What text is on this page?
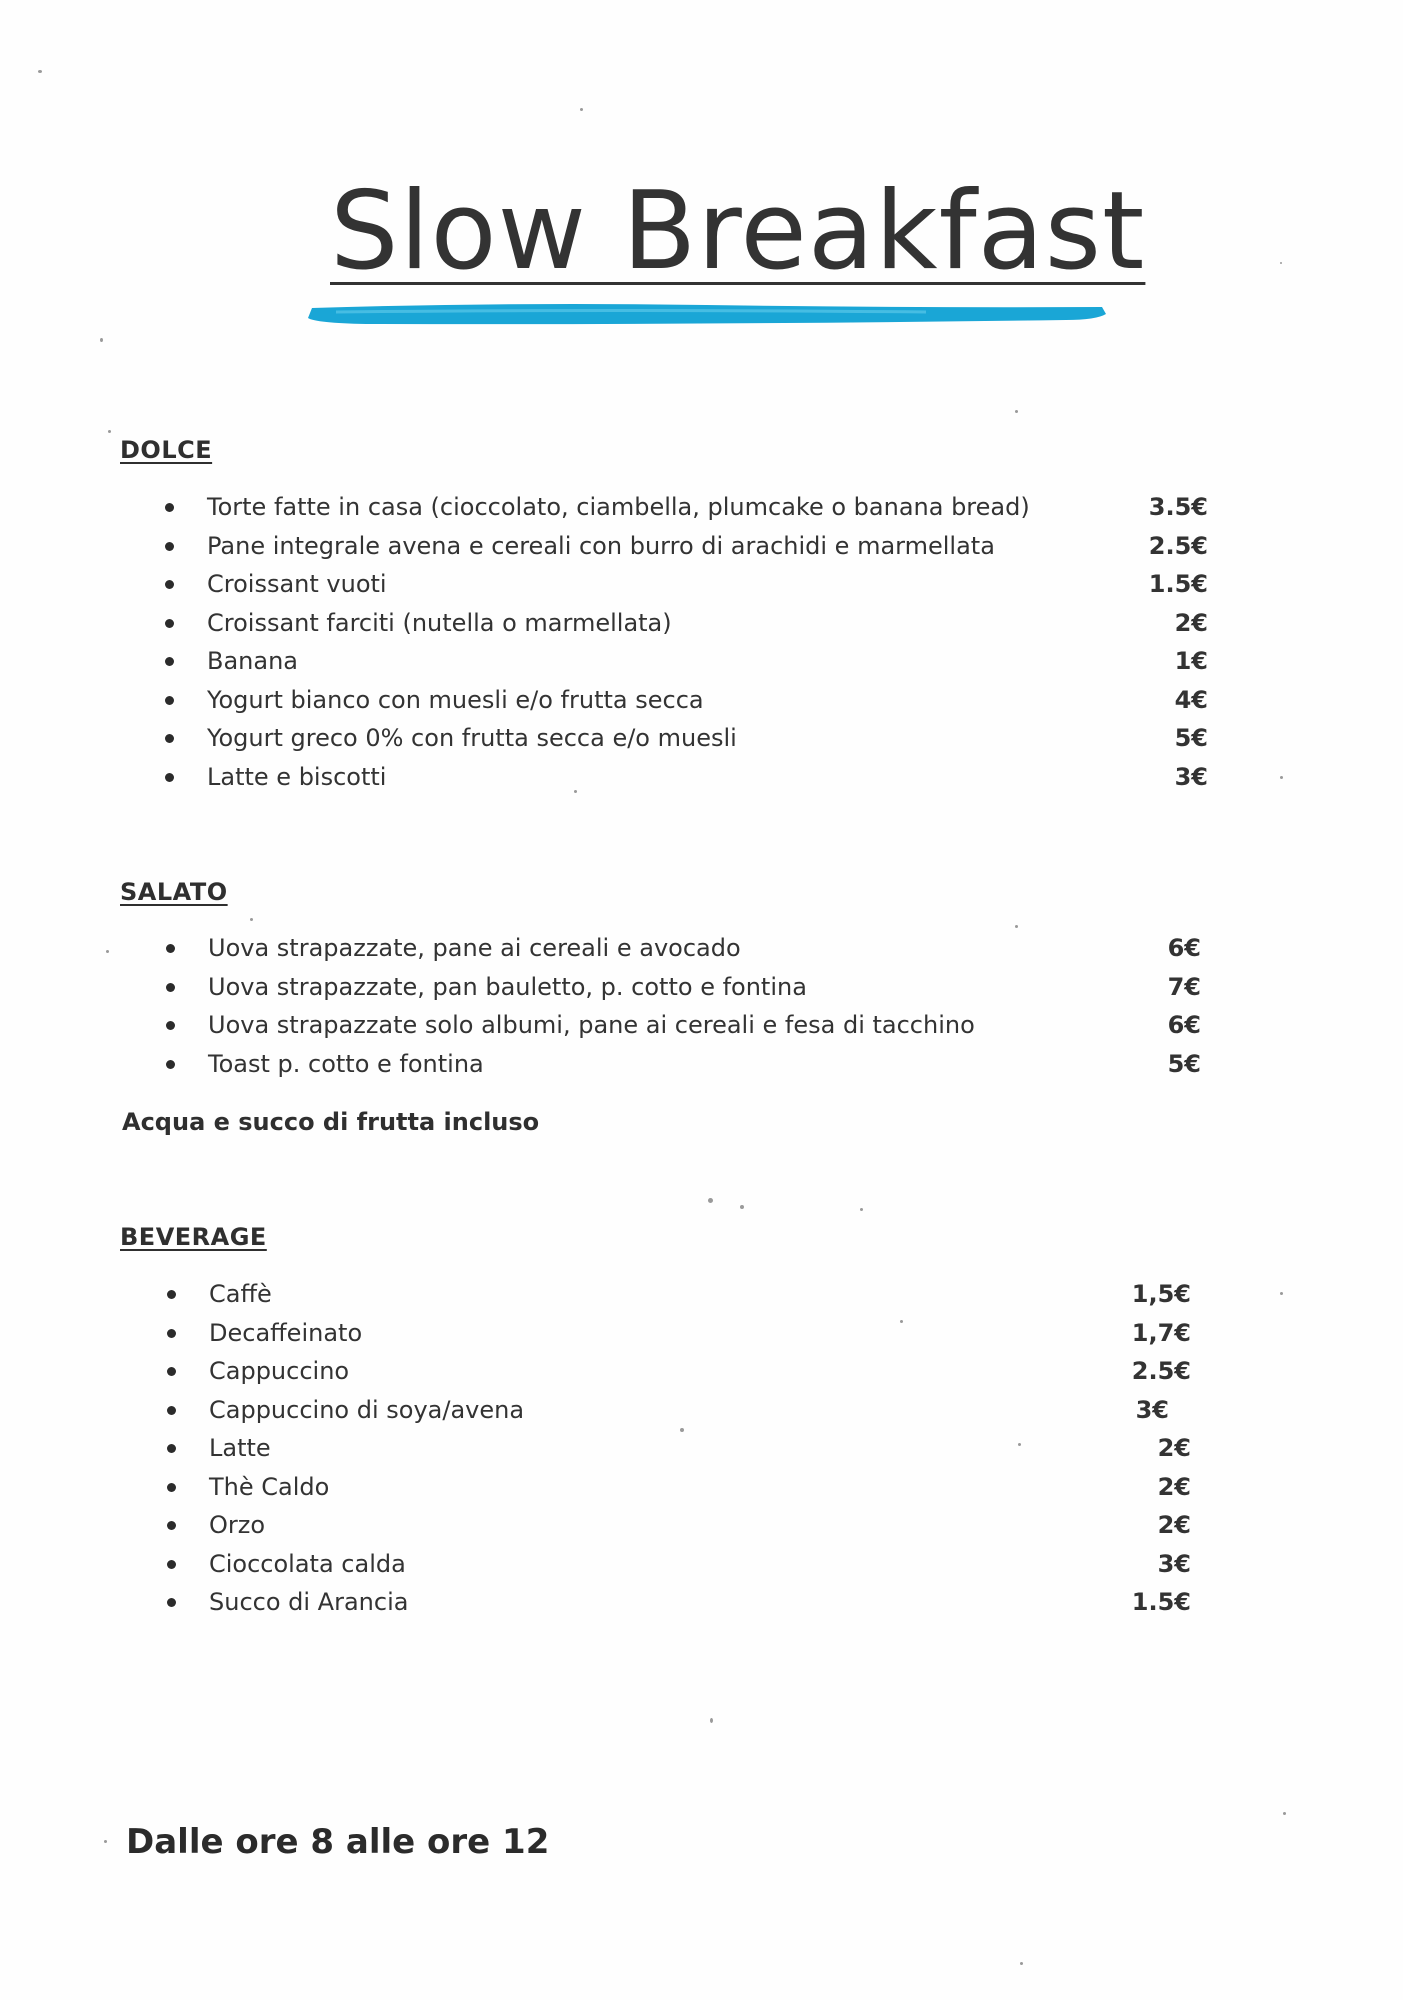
Slow Breakfast
DOLCE
Torte fatte in casa (cioccolato, ciambella, plumcake o banana bread)	3.5€
Pane integrale avena e cereali con burro di arachidi e marmellata	2.5€
Croissant vuoti	1.5€
Croissant farciti (nutella o marmellata)	2€
Banana	1€
Yogurt bianco con muesli e/o frutta secca	4€
Yogurt greco 0% con frutta secca e/o muesli	5€
Latte e biscotti	3€
SALATO
Uova strapazzate, pane ai cereali e avocado	6€
Uova strapazzate, pan bauletto, p. cotto e fontina	7€
Uova strapazzate solo albumi, pane ai cereali e fesa di tacchino	6€
Toast p. cotto e fontina	5€
Acqua e succo di frutta incluso
BEVERAGE
Caffè	1,5€
Decaffeinato	1,7€
Cappuccino	2.5€
Cappuccino di soya/avena	3€
Latte	2€
Thè Caldo	2€
Orzo	2€
Cioccolata calda	3€
Succo di Arancia	1.5€
Dalle ore 8 alle ore 12
